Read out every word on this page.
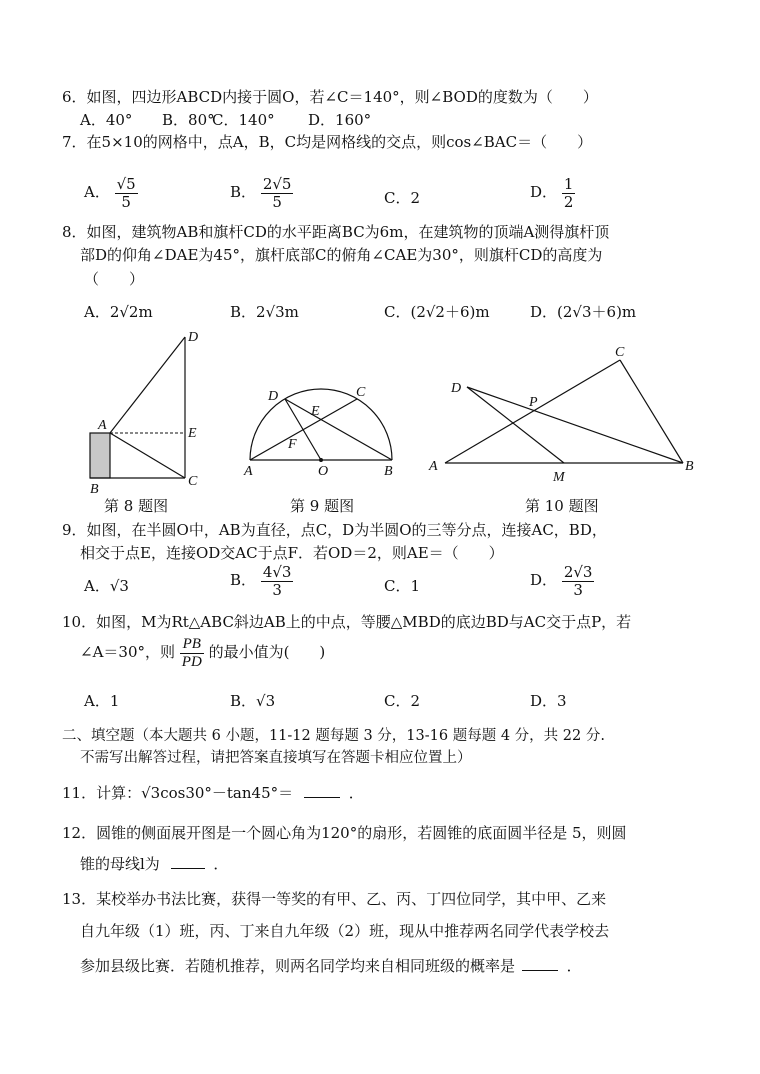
6．如图，四边形ABCD内接于圆O，若∠C＝140°，则∠BOD的度数为（　　）
A．40° B．80°
C．140° D．160°
7．在5×10的网格中，点A，B，C均是网格线的交点，则cos∠BAC＝（　　）
A． $\frac{√5}{5}$	B． $\frac{2√5}{5}$	C．2	D． $\frac{1}{2}$
8．如图，建筑物AB和旗杆CD的水平距离BC为6m，在建筑物的顶端A测得旗杆顶
部D的仰角∠DAE为45°，旗杆底部C的俯角∠CAE为30°，则旗杆CD的高度为
（　　）
A．2√2m	B．2√3m	C．(2√2＋6)m	D．(2√3＋6)m
D
A
E
B
C
第 8 题图
D	C
E
F
A	O	B
第 9 题图
C
D
P
A
M
B
第 10 题图
9．如图，在半圆O中，AB为直径，点C，D为半圆O的三等分点，连接AC，BD，
相交于点E，连接OD交AC于点F．若OD＝2，则AE＝（　　）
A．√3	B． $\frac{4√3}{3}$	C．1	D． $\frac{2√3}{3}$
10．如图，M为Rt△ABC斜边AB上的中点，等腰△MBD的底边BD与AC交于点P，若
∠A＝30°，则 $\frac{PB}{PD}$ 的最小值为(　　)
A．1	B．√3	C．2	D．3
二、填空题（本大题共 6 小题，11-12 题每题 3 分，13-16 题每题 4 分，共 22 分.
不需写出解答过程，请把答案直接填写在答题卡相应位置上）
11．计算：√3cos30°－tan45°＝	．
12．圆锥的侧面展开图是一个圆心角为120°的扇形，若圆锥的底面圆半径是 5，则圆
锥的母线l为	．
13．某校举办书法比赛，获得一等奖的有甲、乙、丙、丁四位同学，其中甲、乙来
自九年级（1）班，丙、丁来自九年级（2）班，现从中推荐两名同学代表学校去
参加县级比赛．若随机推荐，则两名同学均来自相同班级的概率是	．
